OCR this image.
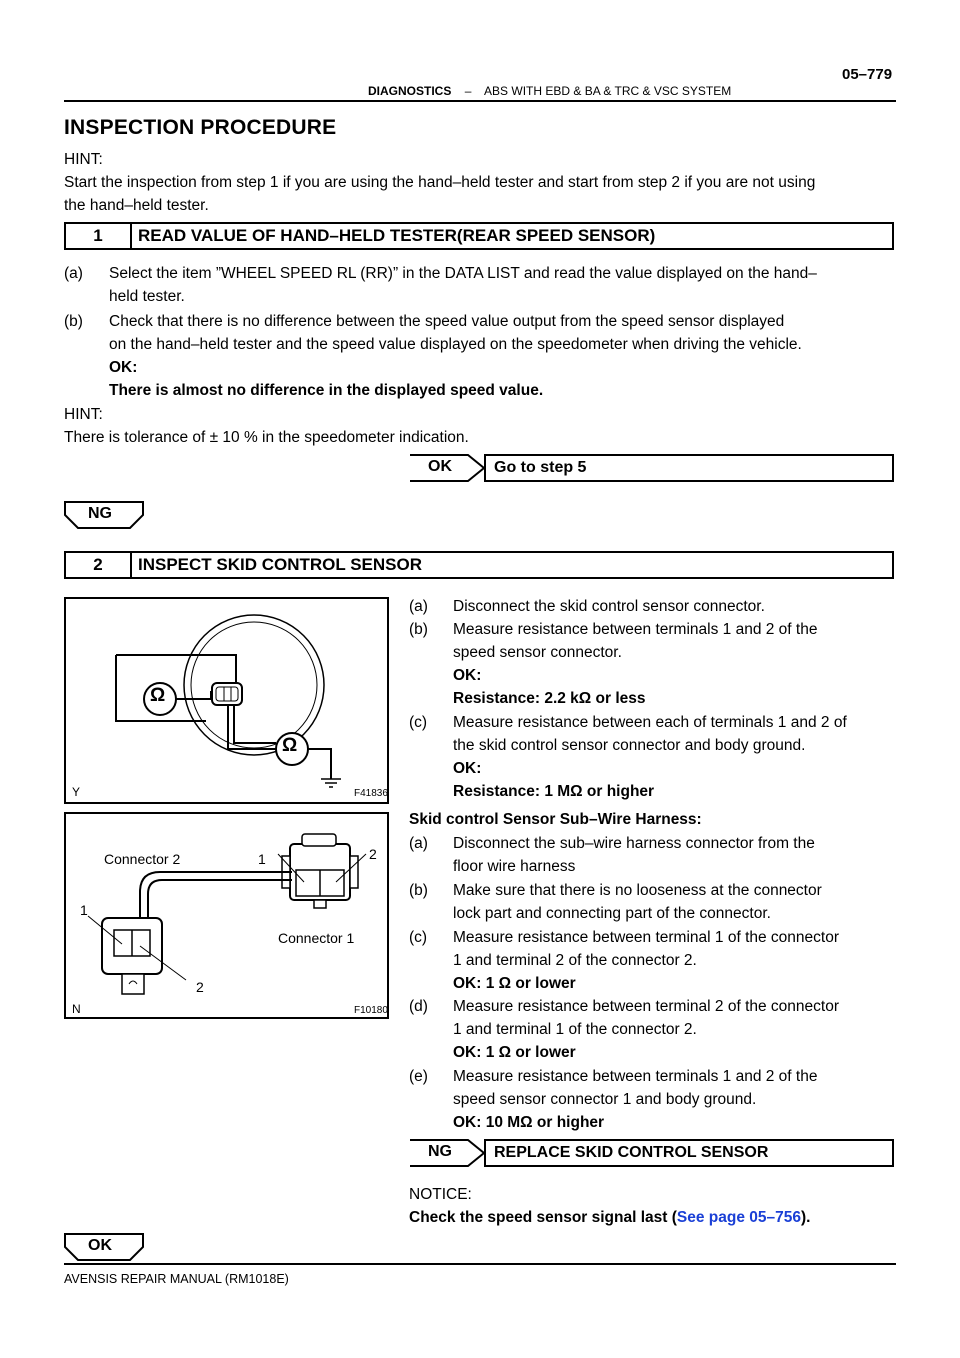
05–779
DIAGNOSTICS – ABS WITH EBD & BA & TRC & VSC SYSTEM
INSPECTION PROCEDURE
HINT:
Start the inspection from step 1 if you are using the hand–held tester and start from step 2 if you are not using
the hand–held tester.
1	READ VALUE OF HAND–HELD TESTER(REAR SPEED SENSOR)
(a) Select the item ”WHEEL SPEED RL (RR)” in the DATA LIST and read the value displayed on the hand–
held tester.
(b) Check that there is no difference between the speed value output from the speed sensor displayed
on the hand–held tester and the speed value displayed on the speedometer when driving the vehicle.
OK:
There is almost no difference in the displayed speed value.
HINT:
There is tolerance of ± 10 % in the speedometer indication.
OK	Go to step 5
NG
2	INSPECT SKID CONTROL SENSOR
Ω
Ω
Y	F41836
Connector 2	1	2
1
Connector 1
2
N	F10180
(a) Disconnect the skid control sensor connector.
(b) Measure resistance between terminals 1 and 2 of the
speed sensor connector.
OK:
Resistance: 2.2 kΩ or less
(c) Measure resistance between each of terminals 1 and 2 of
the skid control sensor connector and body ground.
OK:
Resistance: 1 MΩ or higher
Skid control Sensor Sub–Wire Harness:
(a) Disconnect the sub–wire harness connector from the
floor wire harness
(b) Make sure that there is no looseness at the connector
lock part and connecting part of the connector.
(c) Measure resistance between terminal 1 of the connector
1 and terminal 2 of the connector 2.
OK: 1 Ω or lower
(d) Measure resistance between terminal 2 of the connector
1 and terminal 1 of the connector 2.
OK: 1 Ω or lower
(e) Measure resistance between terminals 1 and 2 of the
speed sensor connector 1 and body ground.
OK: 10 MΩ or higher
NG	REPLACE SKID CONTROL SENSOR
NOTICE:
Check the speed sensor signal last (See page 05–756).
OK
AVENSIS REPAIR MANUAL (RM1018E)
